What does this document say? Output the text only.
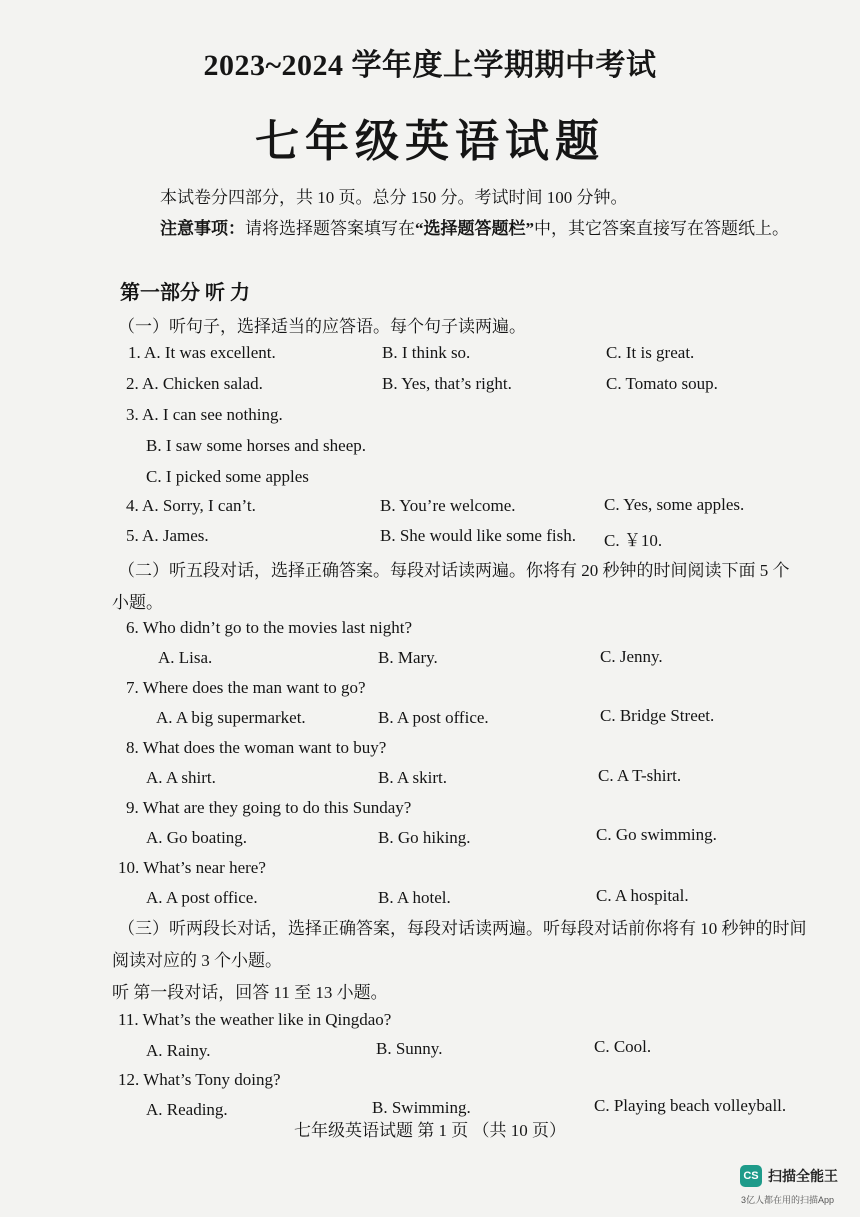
2023~2024 学年度上学期期中考试
七年级英语试题
本试卷分四部分，共 10 页。总分 150 分。考试时间 100 分钟。
注意事项：请将选择题答案填写在“选择题答题栏”中，其它答案直接写在答题纸上。
第一部分 听 力
（一）听句子，选择适当的应答语。每个句子读两遍。
1. A. It was excellent.	B. I think so.	C. It is great.
2. A. Chicken salad.	B. Yes, that’s right.	C. Tomato soup.
3. A. I can see nothing.
B. I saw some horses and sheep.
C. I picked some apples
4. A. Sorry, I can’t.	B. You’re welcome.	C. Yes, some apples.
5. A. James.	B. She would like some fish. C. ￥10.
（二）听五段对话，选择正确答案。每段对话读两遍。你将有 20 秒钟的时间阅读下面 5 个
小题。
6. Who didn’t go to the movies last night?
A. Lisa.	B. Mary.	C. Jenny.
7. Where does the man want to go?
A. A big supermarket.	B. A post office.	C. Bridge Street.
8. What does the woman want to buy?
A. A shirt.	B. A skirt.	C. A T-shirt.
9. What are they going to do this Sunday?
A. Go boating.	B. Go hiking.	C. Go swimming.
10. What’s near here?
A. A post office.	B. A hotel.	C. A hospital.
（三）听两段长对话，选择正确答案，每段对话读两遍。听每段对话前你将有 10 秒钟的时间
阅读对应的 3 个小题。
听 第一段对话，回答 11 至 13 小题。
11. What’s the weather like in Qingdao?
A. Rainy.	B. Sunny.	C. Cool.
12. What’s Tony doing?
A. Reading.	B. Swimming.	C. Playing beach volleyball.
七年级英语试题 第 1 页 （共 10 页）
CS 扫描全能王
3亿人都在用的扫描App
